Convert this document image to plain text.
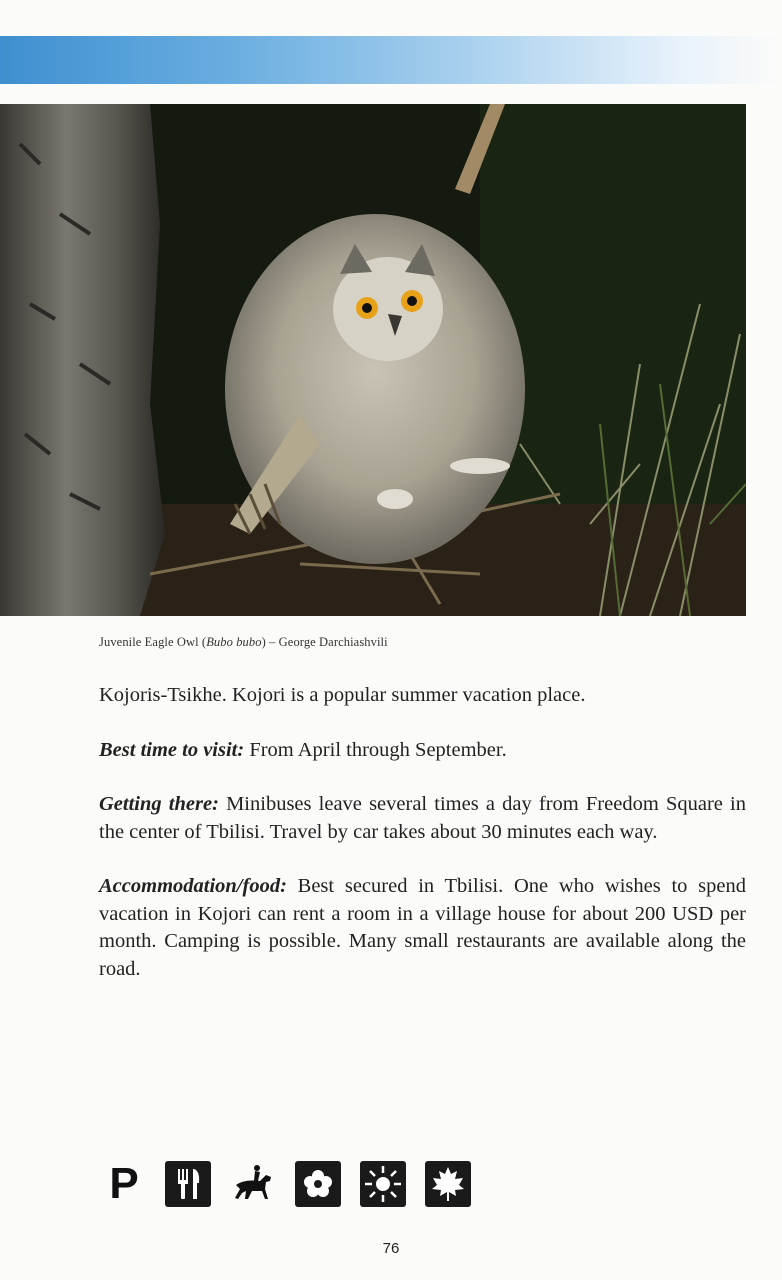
Juvenile Eagle Owl (Bubo bubo) – George Darchiashvili

Kojoris-Tsikhe. Kojori is a popular summer vacation place.

Best time to visit: From April through September.

Getting there: Minibuses leave several times a day from Freedom Square in the center of Tbilisi. Travel by car takes about 30 minutes each way.

Accommodation/food: Best secured in Tbilisi. One who wishes to spend vacation in Kojori can rent a room in a village house for about 200 USD per month. Camping is possible. Many small restaurants are available along the road.

P
76
